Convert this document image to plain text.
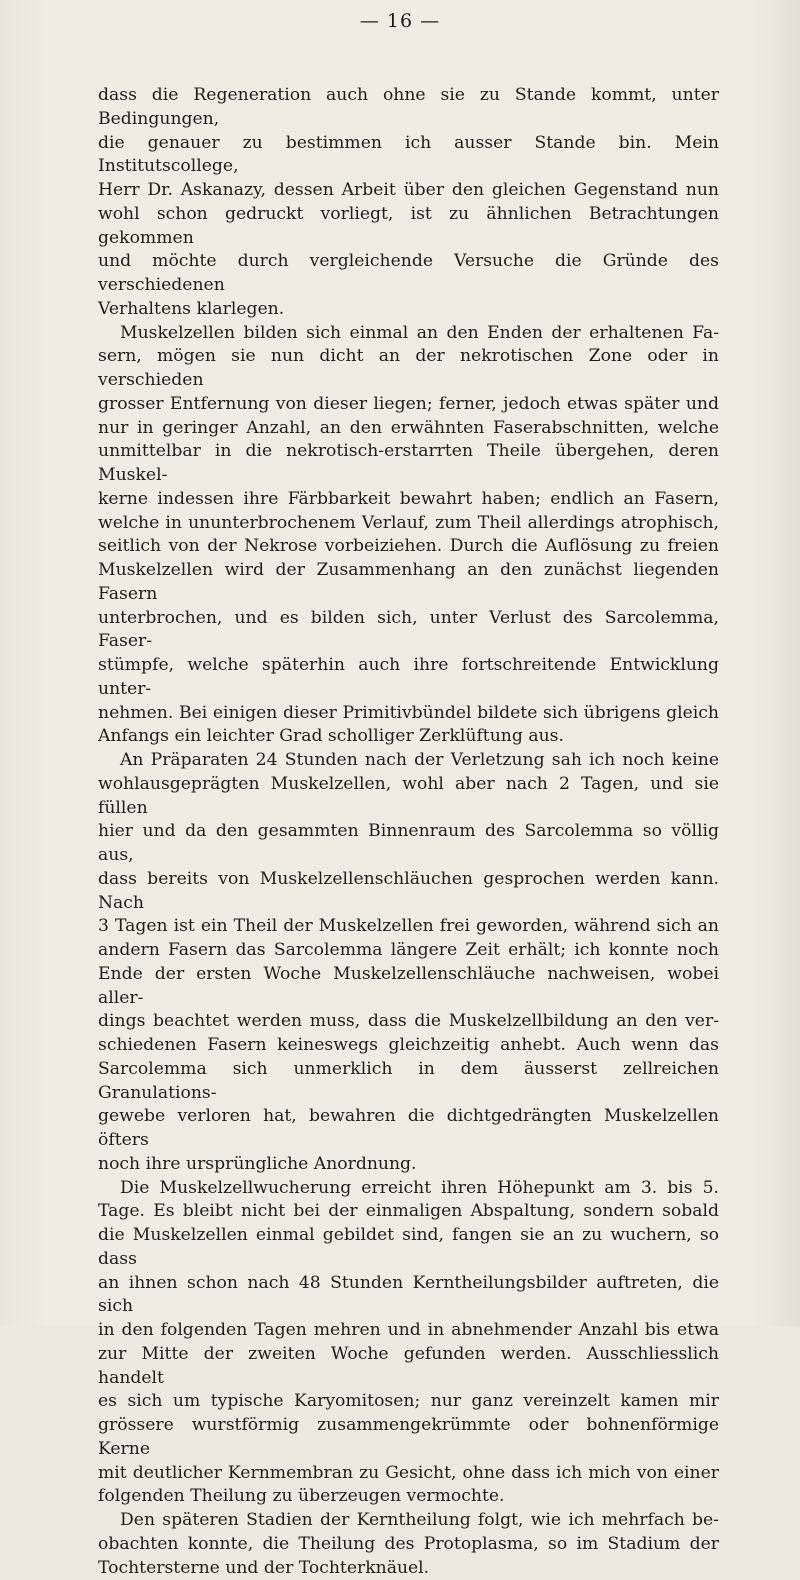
— 16 —

dass die Regeneration auch ohne sie zu Stande kommt, unter Bedingungen,

die genauer zu bestimmen ich ausser Stande bin. Mein Institutscollege,

Herr Dr. Askanazy, dessen Arbeit über den gleichen Gegenstand nun

wohl schon gedruckt vorliegt, ist zu ähnlichen Betrachtungen gekommen

und möchte durch vergleichende Versuche die Gründe des verschiedenen

Verhaltens klarlegen.

Muskelzellen bilden sich einmal an den Enden der erhaltenen Fa-

sern, mögen sie nun dicht an der nekrotischen Zone oder in verschieden

grosser Entfernung von dieser liegen; ferner, jedoch etwas später und

nur in geringer Anzahl, an den erwähnten Faserabschnitten, welche

unmittelbar in die nekrotisch-erstarrten Theile übergehen, deren Muskel-

kerne indessen ihre Färbbarkeit bewahrt haben; endlich an Fasern,

welche in ununterbrochenem Verlauf, zum Theil allerdings atrophisch,

seitlich von der Nekrose vorbeiziehen. Durch die Auflösung zu freien

Muskelzellen wird der Zusammenhang an den zunächst liegenden Fasern

unterbrochen, und es bilden sich, unter Verlust des Sarcolemma, Faser-

stümpfe, welche späterhin auch ihre fortschreitende Entwicklung unter-

nehmen. Bei einigen dieser Primitivbündel bildete sich übrigens gleich

Anfangs ein leichter Grad scholliger Zerklüftung aus.

An Präparaten 24 Stunden nach der Verletzung sah ich noch keine

wohlausgeprägten Muskelzellen, wohl aber nach 2 Tagen, und sie füllen

hier und da den gesammten Binnenraum des Sarcolemma so völlig aus,

dass bereits von Muskelzellenschläuchen gesprochen werden kann. Nach

3 Tagen ist ein Theil der Muskelzellen frei geworden, während sich an

andern Fasern das Sarcolemma längere Zeit erhält; ich konnte noch

Ende der ersten Woche Muskelzellenschläuche nachweisen, wobei aller-

dings beachtet werden muss, dass die Muskelzellbildung an den ver-

schiedenen Fasern keineswegs gleichzeitig anhebt. Auch wenn das

Sarcolemma sich unmerklich in dem äusserst zellreichen Granulations-

gewebe verloren hat, bewahren die dichtgedrängten Muskelzellen öfters

noch ihre ursprüngliche Anordnung.

Die Muskelzellwucherung erreicht ihren Höhepunkt am 3. bis 5.

Tage. Es bleibt nicht bei der einmaligen Abspaltung, sondern sobald

die Muskelzellen einmal gebildet sind, fangen sie an zu wuchern, so dass

an ihnen schon nach 48 Stunden Kerntheilungsbilder auftreten, die sich

in den folgenden Tagen mehren und in abnehmender Anzahl bis etwa

zur Mitte der zweiten Woche gefunden werden. Ausschliesslich handelt

es sich um typische Karyomitosen; nur ganz vereinzelt kamen mir

grössere wurstförmig zusammengekrümmte oder bohnenförmige Kerne

mit deutlicher Kernmembran zu Gesicht, ohne dass ich mich von einer

folgenden Theilung zu überzeugen vermochte.

Den späteren Stadien der Kerntheilung folgt, wie ich mehrfach be-

obachten konnte, die Theilung des Protoplasma, so im Stadium der

Tochtersterne und der Tochterknäuel.
